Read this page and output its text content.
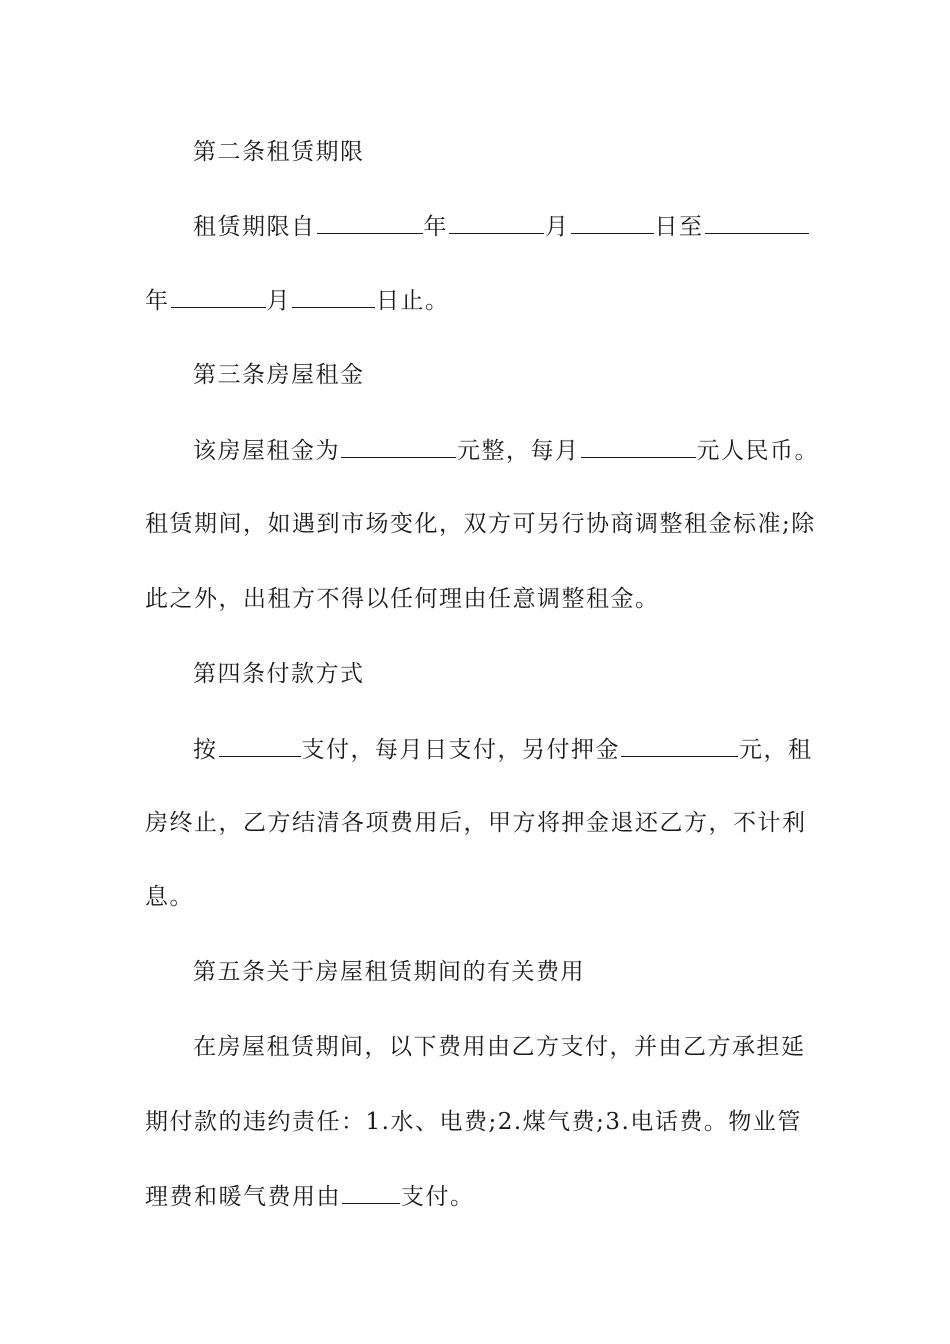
第二条租赁期限
租赁期限自	年	月	日至
年	月	日止。
第三条房屋租金
该房屋租金为	元整，每月	元人民币。
租赁期间，如遇到市场变化，双方可另行协商调整租金标准;除
此之外，出租方不得以任何理由任意调整租金。
第四条付款方式
按	支付，每月日支付，另付押金	元，租
房终止，乙方结清各项费用后，甲方将押金退还乙方，不计利
息。
第五条关于房屋租赁期间的有关费用
在房屋租赁期间，以下费用由乙方支付，并由乙方承担延
期付款的违约责任：1.水、电费;2.煤气费;3.电话费。物业管
理费和暖气费用由	支付。
